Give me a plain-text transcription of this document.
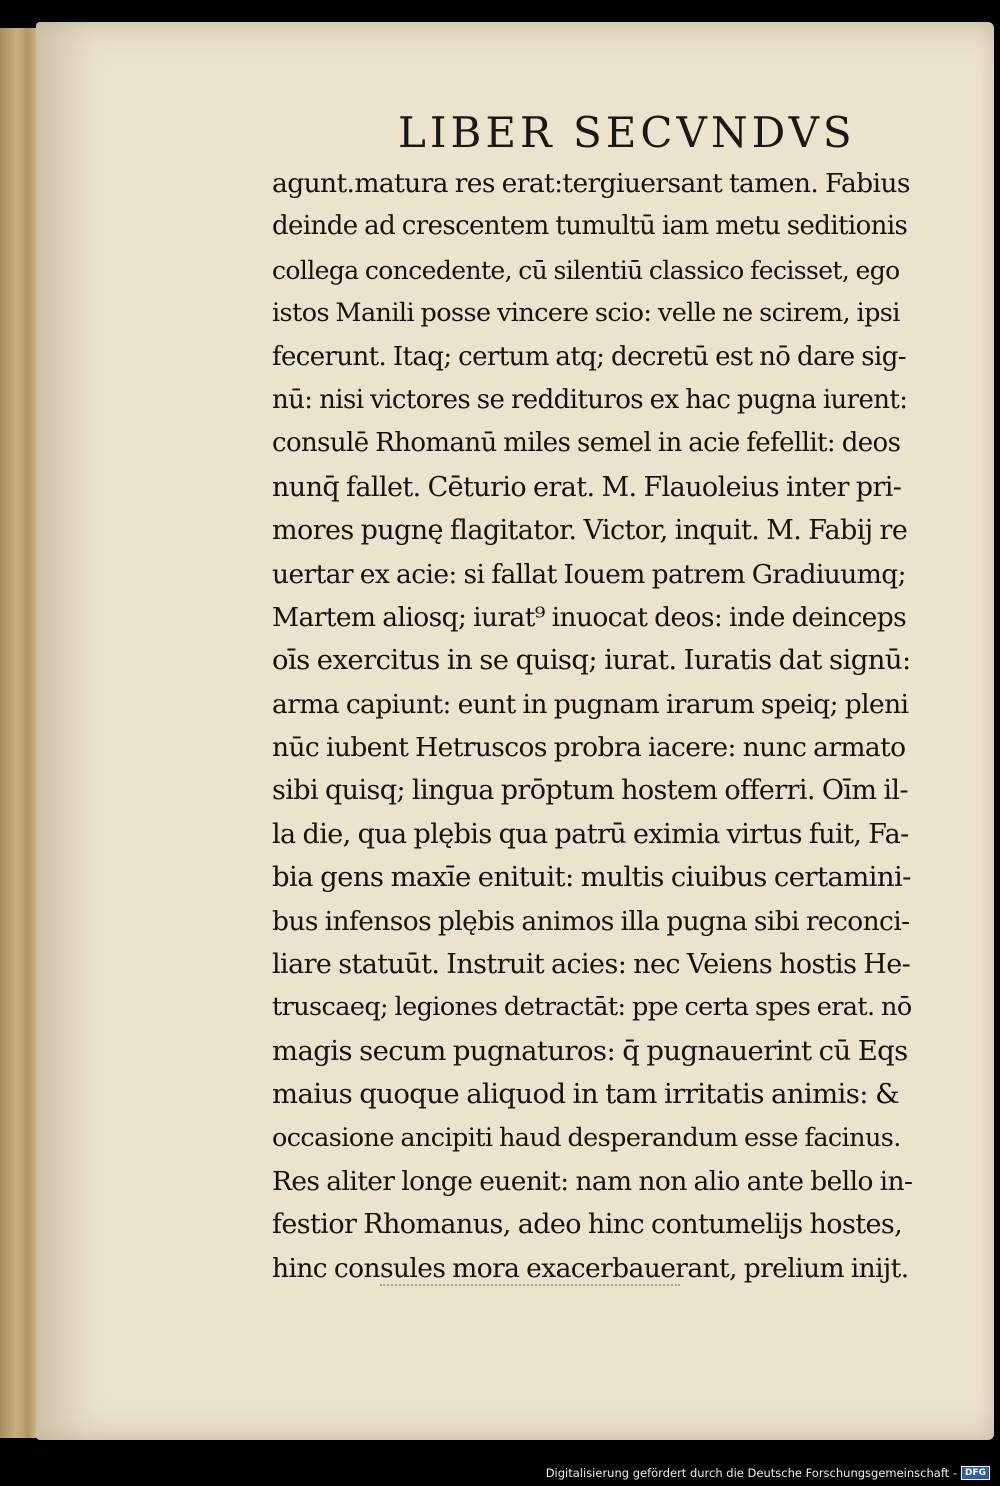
LIBER SECVNDVS
agunt.matura res erat:tergiuersant tamen. Fabius
deinde ad crescentem tumultū iam metu seditionis
collega concedente, cū silentiū classico fecisset, ego
istos Manili posse vincere scio: velle ne scirem, ipsi
fecerunt. Itaq; certum atq; decretū est nō dare sig-
nū: nisi victores se reddituros ex hac pugna iurent:
consulē Rhomanū miles semel in acie fefellit: deos
nunq̄ fallet. Cēturio erat. M. Flauoleius inter pri-
mores pugnę flagitator. Victor, inquit. M. Fabij re
uertar ex acie: si fallat Iouem patrem Gradiuumq;
Martem aliosq; iurat⁹ inuocat deos: inde deinceps
oīs exercitus in se quisq; iurat. Iuratis dat signū:
arma capiunt: eunt in pugnam irarum speiq; pleni
nūc iubent Hetruscos probra iacere: nunc armato
sibi quisq; lingua prōptum hostem offerri. Oīm il-
la die, qua plębis qua patrū eximia virtus fuit, Fa-
bia gens maxīe enituit: multis ciuibus certamini-
bus infensos plębis animos illa pugna sibi reconci-
liare statuūt. Instruit acies: nec Veiens hostis He-
truscaeq; legiones detractāt: ppe certa spes erat. nō
magis secum pugnaturos: q̄ pugnauerint cū Eqs
maius quoque aliquod in tam irritatis animis: &
occasione ancipiti haud desperandum esse facinus.
Res aliter longe euenit: nam non alio ante bello in-
festior Rhomanus, adeo hinc contumelijs hostes,
hinc consules mora exacerbauerant, prelium inijt.
Digitalisierung gefördert durch die Deutsche Forschungsgemeinschaft - DFG
